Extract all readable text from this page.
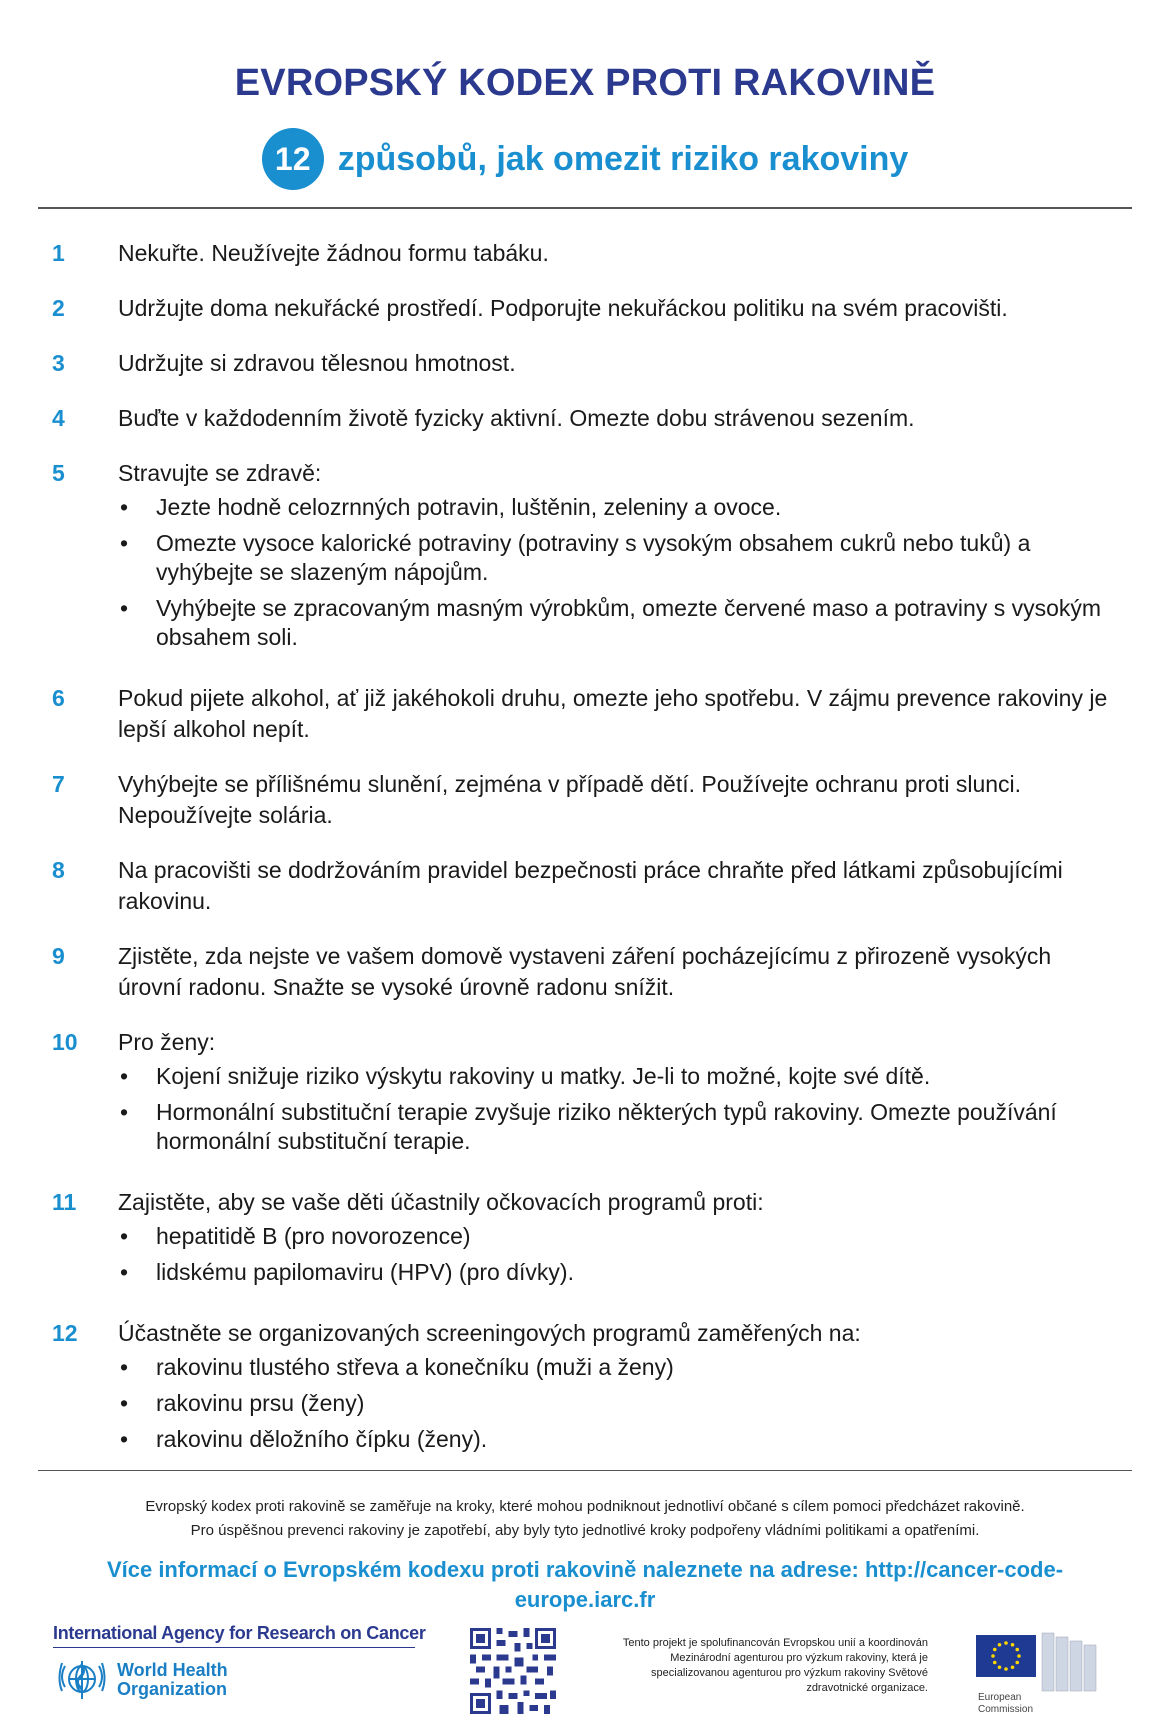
EVROPSKÝ KODEX PROTI RAKOVINĚ
12 způsobů, jak omezit riziko rakoviny
1	Nekuřte. Neužívejte žádnou formu tabáku.
2	Udržujte doma nekuřácké prostředí. Podporujte nekuřáckou politiku na svém pracovišti.
3	Udržujte si zdravou tělesnou hmotnost.
4	Buďte v každodenním životě fyzicky aktivní. Omezte dobu strávenou sezením.
5	Stravujte se zdravě:
•	Jezte hodně celozrnných potravin, luštěnin, zeleniny a ovoce.
•	Omezte vysoce kalorické potraviny (potraviny s vysokým obsahem cukrů nebo tuků) a vyhýbejte se slazeným nápojům.
•	Vyhýbejte se zpracovaným masným výrobkům, omezte červené maso a potraviny s vysokým obsahem soli.
6	Pokud pijete alkohol, ať již jakéhokoli druhu, omezte jeho spotřebu. V zájmu prevence rakoviny je lepší alkohol nepít.
7	Vyhýbejte se přílišnému slunění, zejména v případě dětí. Používejte ochranu proti slunci. Nepoužívejte solária.
8	Na pracovišti se dodržováním pravidel bezpečnosti práce chraňte před látkami způsobujícími rakovinu.
9	Zjistěte, zda nejste ve vašem domově vystaveni záření pocházejícímu z přirozeně vysokých úrovní radonu. Snažte se vysoké úrovně radonu snížit.
10	Pro ženy:
•	Kojení snižuje riziko výskytu rakoviny u matky. Je-li to možné, kojte své dítě.
•	Hormonální substituční terapie zvyšuje riziko některých typů rakoviny. Omezte používání hormonální substituční terapie.
11	Zajistěte, aby se vaše děti účastnily očkovacích programů proti:
•	hepatitidě B (pro novorozence)
•	lidskému papilomaviru (HPV) (pro dívky).
12	Účastněte se organizovaných screeningových programů zaměřených na:
•	rakovinu tlustého střeva a konečníku (muži a ženy)
•	rakovinu prsu (ženy)
•	rakovinu děložního čípku (ženy).
Evropský kodex proti rakovině se zaměřuje na kroky, které mohou podniknout jednotliví občané s cílem pomoci předcházet rakovině.
Pro úspěšnou prevenci rakoviny je zapotřebí, aby byly tyto jednotlivé kroky podpořeny vládními politikami a opatřeními.
Více informací o Evropském kodexu proti rakovině naleznete na adrese: http://cancer-code-europe.iarc.fr
International Agency for Research on Cancer
World Health
Organization
Tento projekt je spolufinancován Evropskou unií a koordinován Mezinárodní agenturou pro výzkum rakoviny, která je specializovanou agenturou pro výzkum rakoviny Světové zdravotnické organizace.
European
Commission
